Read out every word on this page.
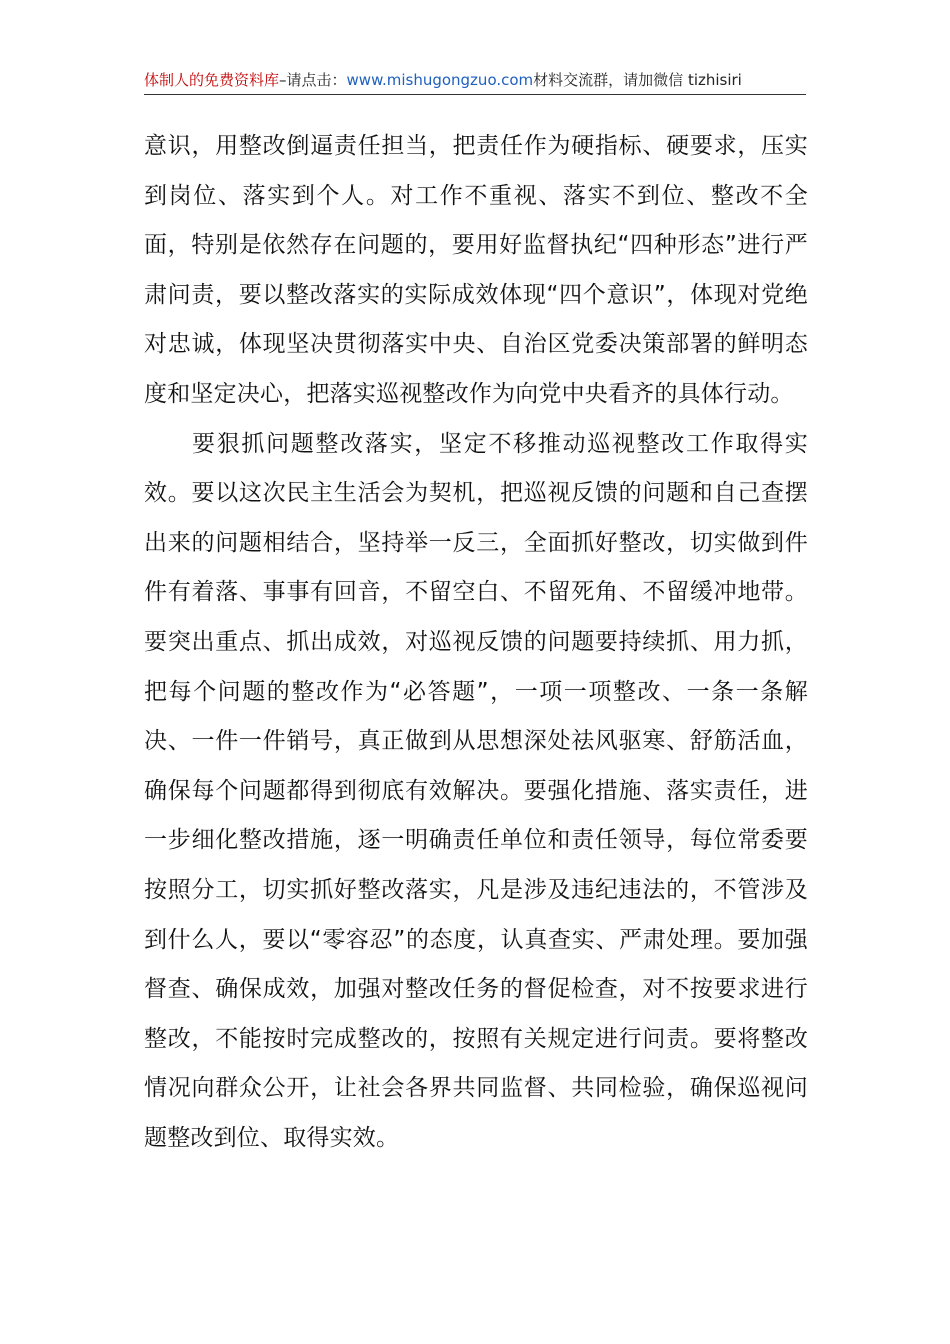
体制人的免费资料库–请点击：www.mishugongzuo.com材料交流群，请加微信 tizhisiri

意识，用整改倒逼责任担当，把责任作为硬指标、硬要求，压实到岗位、落实到个人。对工作不重视、落实不到位、整改不全面，特别是依然存在问题的，要用好监督执纪“四种形态”进行严肃问责，要以整改落实的实际成效体现“四个意识”，体现对党绝对忠诚，体现坚决贯彻落实中央、自治区党委决策部署的鲜明态度和坚定决心，把落实巡视整改作为向党中央看齐的具体行动。

要狠抓问题整改落实，坚定不移推动巡视整改工作取得实效。要以这次民主生活会为契机，把巡视反馈的问题和自己查摆出来的问题相结合，坚持举一反三，全面抓好整改，切实做到件件有着落、事事有回音，不留空白、不留死角、不留缓冲地带。要突出重点、抓出成效，对巡视反馈的问题要持续抓、用力抓，把每个问题的整改作为“必答题”，一项一项整改、一条一条解决、一件一件销号，真正做到从思想深处祛风驱寒、舒筋活血，确保每个问题都得到彻底有效解决。要强化措施、落实责任，进一步细化整改措施，逐一明确责任单位和责任领导，每位常委要按照分工，切实抓好整改落实，凡是涉及违纪违法的，不管涉及到什么人，要以“零容忍”的态度，认真查实、严肃处理。要加强督查、确保成效，加强对整改任务的督促检查，对不按要求进行整改，不能按时完成整改的，按照有关规定进行问责。要将整改情况向群众公开，让社会各界共同监督、共同检验，确保巡视问题整改到位、取得实效。
